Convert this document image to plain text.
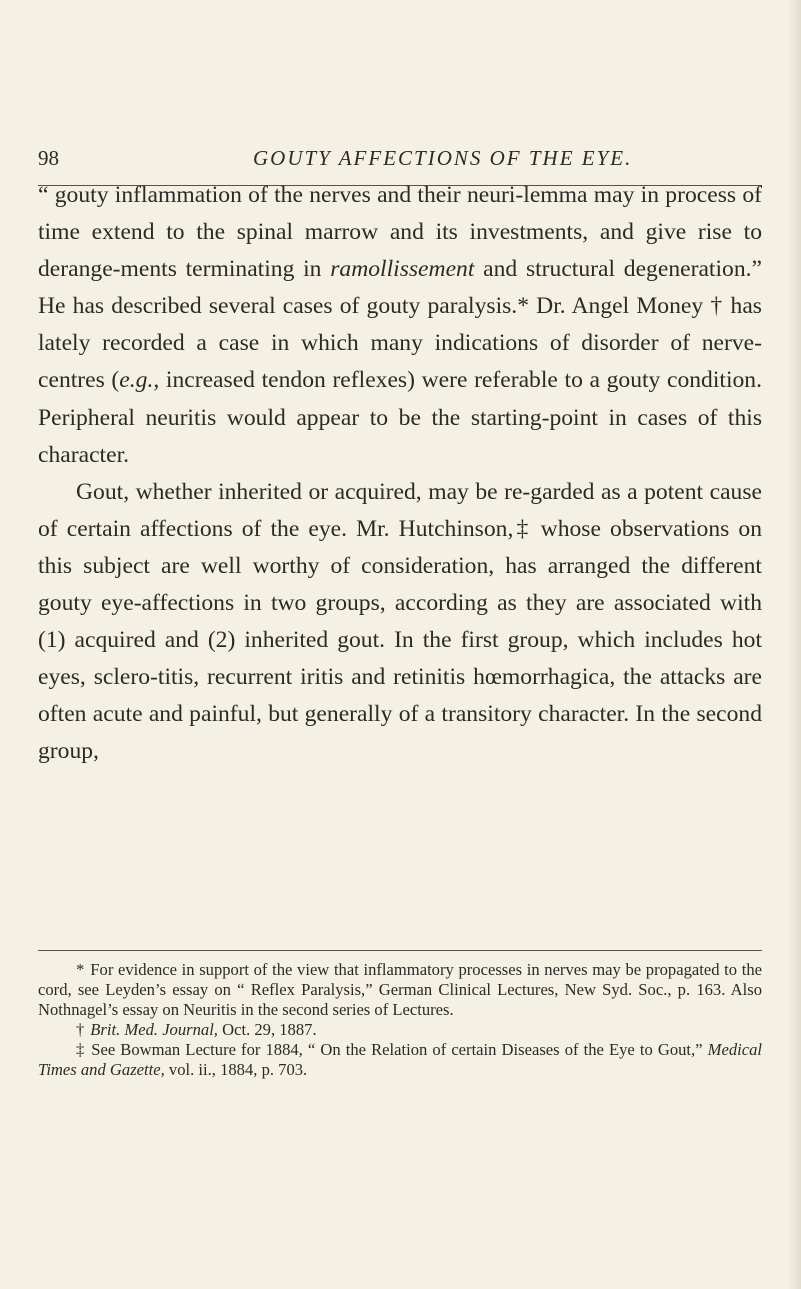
98	GOUTY AFFECTIONS OF THE EYE.

“ gouty inflammation of the nerves and their neuri-lemma may in process of time extend to the spinal marrow and its investments, and give rise to derange-ments terminating in ramollissement and structural degeneration.” He has described several cases of gouty paralysis.* Dr. Angel Money † has lately recorded a case in which many indications of disorder of nerve-centres (e.g., increased tendon reflexes) were referable to a gouty condition. Peripheral neuritis would appear to be the starting-point in cases of this character.

Gout, whether inherited or acquired, may be re-garded as a potent cause of certain affections of the eye. Mr. Hutchinson,‡ whose observations on this subject are well worthy of consideration, has arranged the different gouty eye-affections in two groups, according as they are associated with (1) acquired and (2) inherited gout. In the first group, which includes hot eyes, sclero-titis, recurrent iritis and retinitis hœmorrhagica, the attacks are often acute and painful, but generally of a transitory character. In the second group,

* For evidence in support of the view that inflammatory processes in nerves may be propagated to the cord, see Leyden’s essay on “ Reflex Paralysis,” German Clinical Lectures, New Syd. Soc., p. 163. Also Nothnagel’s essay on Neuritis in the second series of Lectures.

† Brit. Med. Journal, Oct. 29, 1887.

‡ See Bowman Lecture for 1884, “ On the Relation of certain Diseases of the Eye to Gout,” Medical Times and Gazette, vol. ii., 1884, p. 703.
